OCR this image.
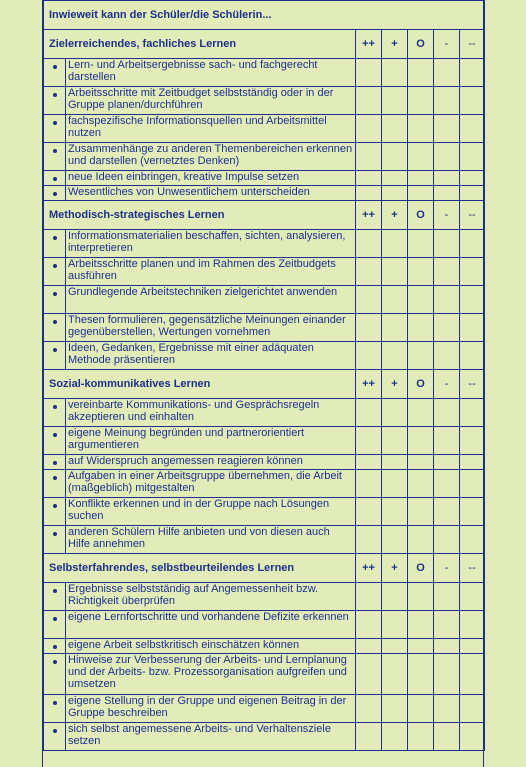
Inwieweit kann der Schüler/die Schülerin...						
Zielerreichendes, fachliches Lernen		++	+	O	-	--
	Lern- und Arbeitsergebnisse sach- und fachgerecht darstellen					
	Arbeitsschritte mit Zeitbudget selbstständig oder in der Gruppe planen/durchführen					
	fachspezifische Informationsquellen und Arbeitsmittel nutzen					
	Zusammenhänge zu anderen Themenbereichen erkennen und darstellen (vernetztes Denken)					
	neue Ideen einbringen, kreative Impulse setzen					
	Wesentliches von Unwesentlichem unterscheiden					
Methodisch-strategisches Lernen		++	+	O	-	--
	Informationsmaterialien beschaffen, sichten, analysieren, interpretieren					
	Arbeitsschritte planen und im Rahmen des Zeitbudgets ausführen					
	Grundlegende Arbeitstechniken zielgerichtet anwenden					
	Thesen formulieren, gegensätzliche Meinungen einander gegenüberstellen, Wertungen vornehmen					
	Ideen, Gedanken, Ergebnisse mit einer adäquaten Methode präsentieren					
Sozial-kommunikatives Lernen		++	+	O	-	--
	vereinbarte Kommunikations- und Gesprächsregeln akzeptieren und einhalten					
	eigene Meinung begründen und partnerorientiert argumentieren					
	auf Widerspruch angemessen reagieren können					
	Aufgaben in einer Arbeitsgruppe übernehmen, die Arbeit (maßgeblich) mitgestalten					
	Konflikte erkennen und in der Gruppe nach Lösungen suchen					
	anderen Schülern Hilfe anbieten und von diesen auch Hilfe annehmen					
Selbsterfahrendes, selbstbeurteilendes Lernen		++	+	O	-	--
	Ergebnisse selbstständig auf Angemessenheit bzw. Richtigkeit überprüfen					
	eigene Lernfortschritte und vorhandene Defizite erkennen					
	eigene Arbeit selbstkritisch einschätzen können					
	Hinweise zur Verbesserung der Arbeits- und Lernplanung und der Arbeits- bzw. Prozessorganisation aufgreifen und umsetzen					
	eigene Stellung in der Gruppe und eigenen Beitrag in der Gruppe beschreiben					
	sich selbst angemessene Arbeits- und Verhaltensziele setzen					
